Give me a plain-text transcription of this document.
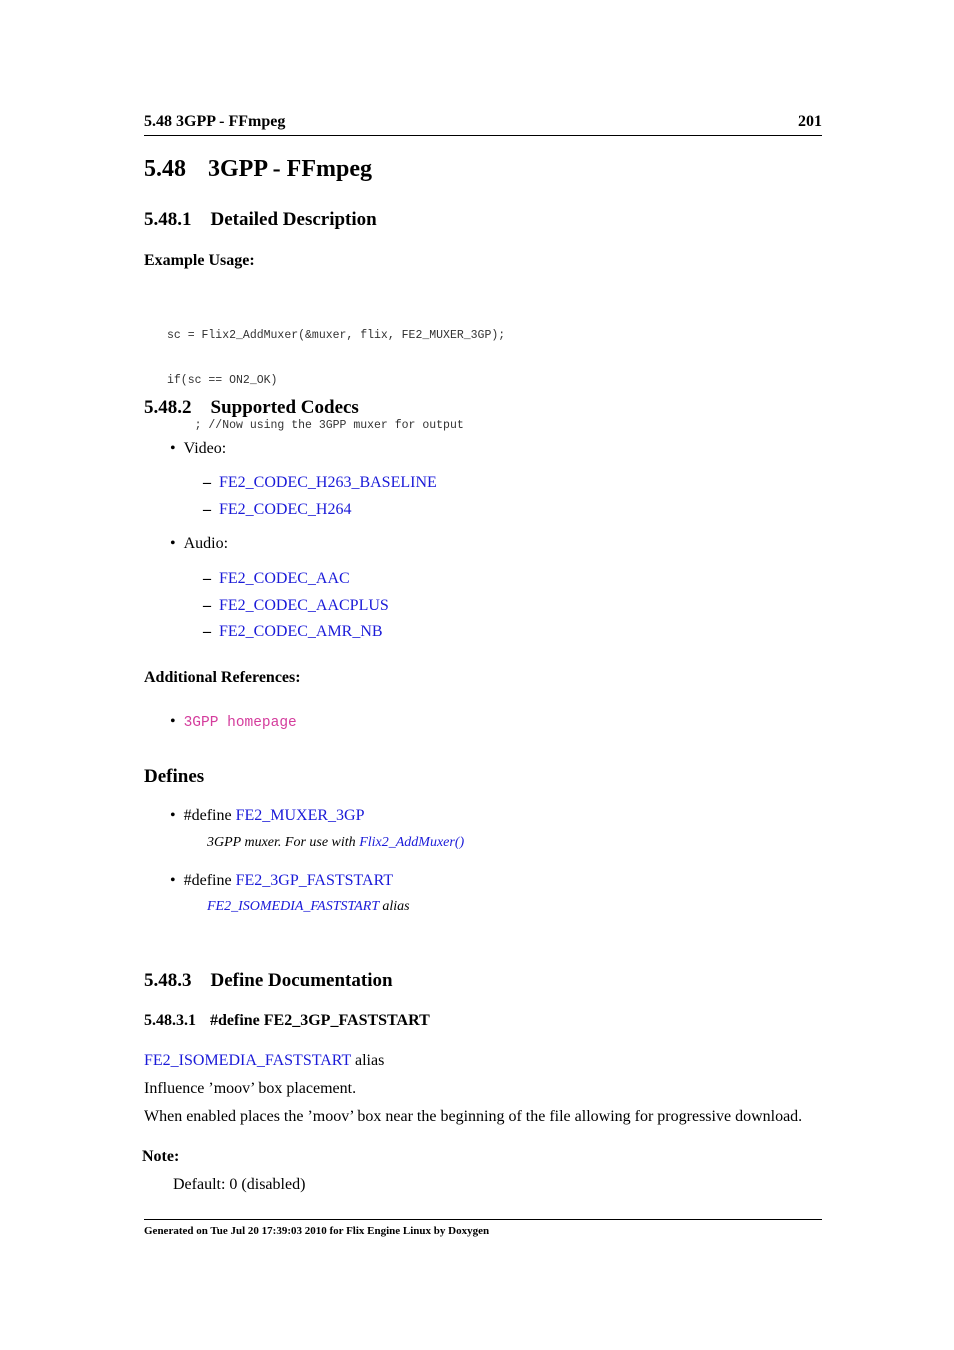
5.48 3GPP - FFmpeg	201
5.48 3GPP - FFmpeg
5.48.1 Detailed Description
Example Usage:

sc = Flix2_AddMuxer(&muxer, flix, FE2_MUXER_3GP);

if(sc == ON2_OK)

; //Now using the 3GPP muxer for output

5.48.2 Supported Codecs
• Video:
– FE2_CODEC_H263_BASELINE
– FE2_CODEC_H264
• Audio:
– FE2_CODEC_AAC
– FE2_CODEC_AACPLUS
– FE2_CODEC_AMR_NB
Additional References:
• 3GPP homepage
Defines
• #define FE2_MUXER_3GP
3GPP muxer. For use with Flix2_AddMuxer()
• #define FE2_3GP_FASTSTART
FE2_ISOMEDIA_FASTSTART alias
5.48.3 Define Documentation
5.48.3.1 #define FE2_3GP_FASTSTART
FE2_ISOMEDIA_FASTSTART alias
Influence ’moov’ box placement.
When enabled places the ’moov’ box near the beginning of the file allowing for progressive download.
Note:
Default: 0 (disabled)
Generated on Tue Jul 20 17:39:03 2010 for Flix Engine Linux by Doxygen
